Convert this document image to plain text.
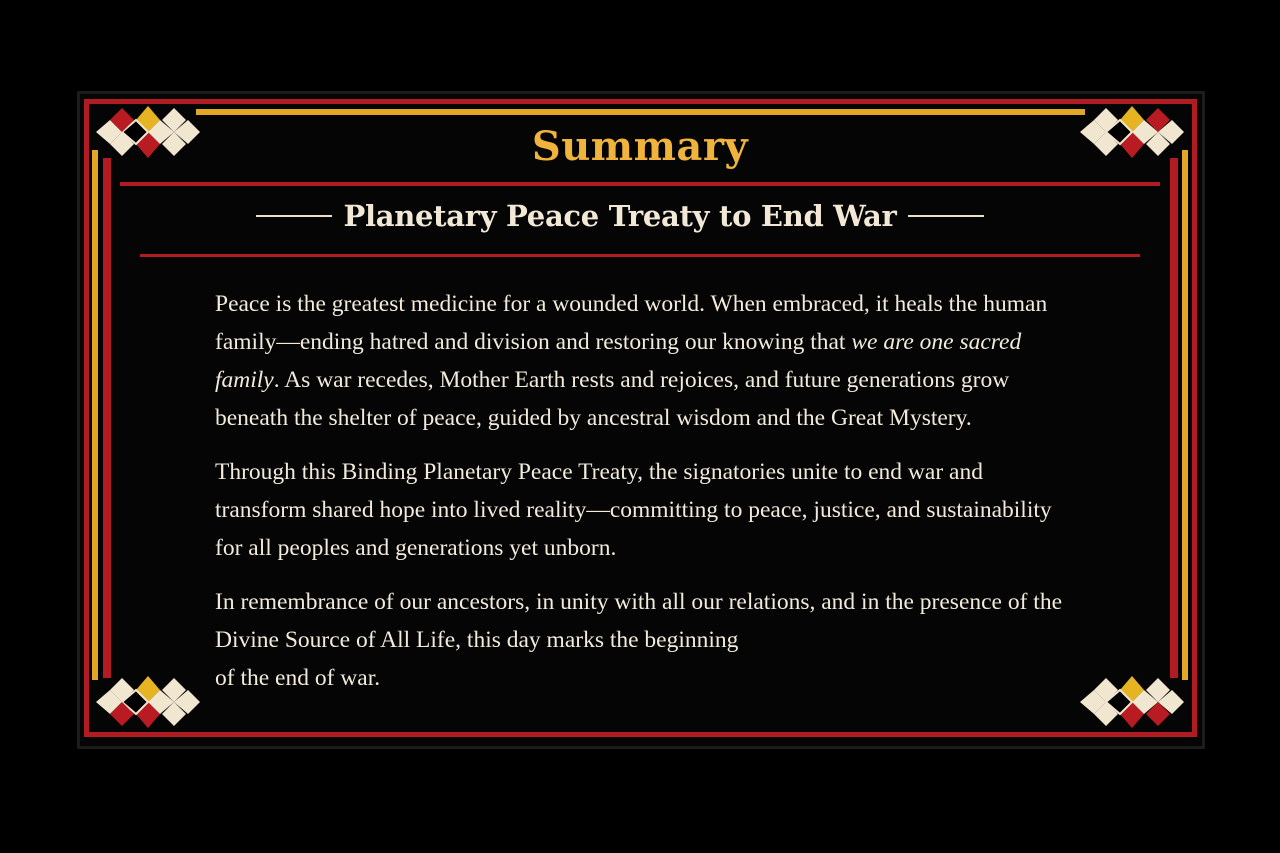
Summary
Planetary Peace Treaty to End War

Peace is the greatest medicine for a wounded world. When embraced, it heals the human family—ending hatred and division and restoring our knowing that we are one sacred family. As war recedes, Mother Earth rests and rejoices, and future generations grow beneath the shelter of peace, guided by ancestral wisdom and the Great Mystery.

Through this Binding Planetary Peace Treaty, the signatories unite to end war and transform shared hope into lived reality—committing to peace, justice, and sustainability for all peoples and generations yet unborn.

In remembrance of our ancestors, in unity with all our relations, and in the presence of the Divine Source of All Life, this day marks the beginning
of the end of war.
